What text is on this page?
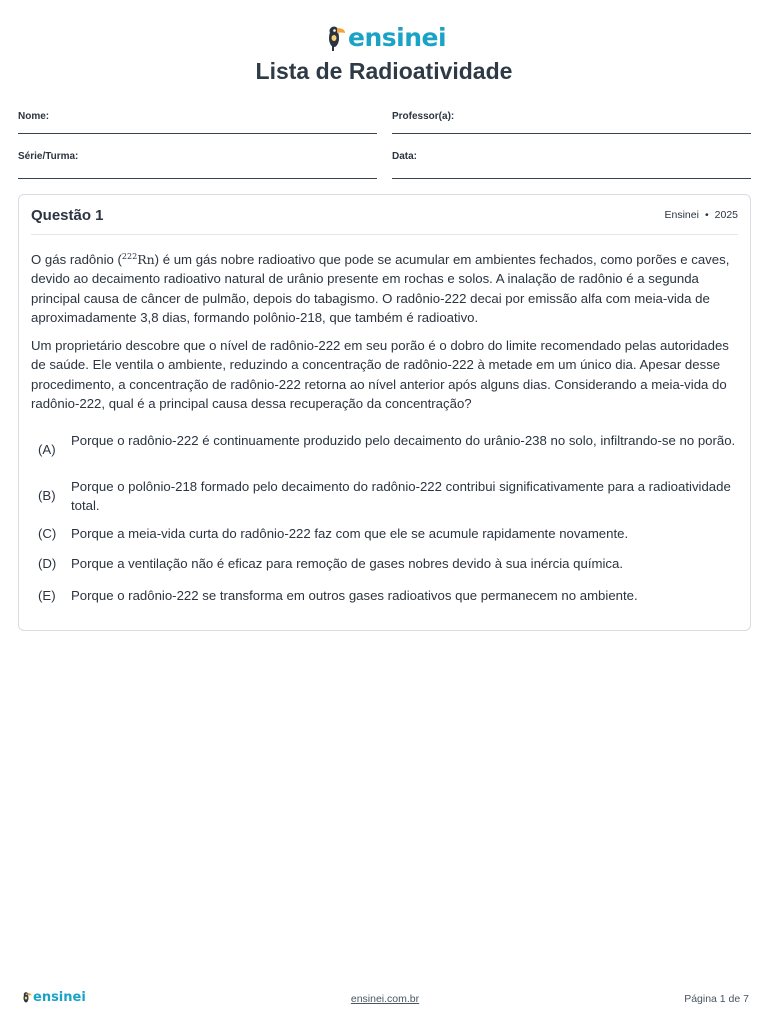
ensinei
Lista de Radioatividade
Nome:	Professor(a):
Série/Turma:	Data:
Questão 1	Ensinei • 2025

O gás radônio ($^{222}$Rn) é um gás nobre radioativo que pode se acumular em ambientes fechados, como porões e caves, devido ao decaimento radioativo natural de urânio presente em rochas e solos. A inalação de radônio é a segunda principal causa de câncer de pulmão, depois do tabagismo. O radônio-222 decai por emissão alfa com meia-vida de aproximadamente 3,8 dias, formando polônio-218, que também é radioativo.

Um proprietário descobre que o nível de radônio-222 em seu porão é o dobro do limite recomendado pelas autoridades de saúde. Ele ventila o ambiente, reduzindo a concentração de radônio-222 à metade em um único dia. Apesar desse procedimento, a concentração de radônio-222 retorna ao nível anterior após alguns dias. Considerando a meia-vida do radônio-222, qual é a principal causa dessa recuperação da concentração?

(A)
Porque o radônio-222 é continuamente produzido pelo decaimento do urânio-238 no solo, infiltrando-se no porão.
(B)
Porque o polônio-218 formado pelo decaimento do radônio-222 contribui significativamente para a radioatividade total.
(C) Porque a meia-vida curta do radônio-222 faz com que ele se acumule rapidamente novamente.
(D) Porque a ventilação não é eficaz para remoção de gases nobres devido à sua inércia química.
(E) Porque o radônio-222 se transforma em outros gases radioativos que permanecem no ambiente.
ensinei	ensinei.com.br	Página 1 de 7
